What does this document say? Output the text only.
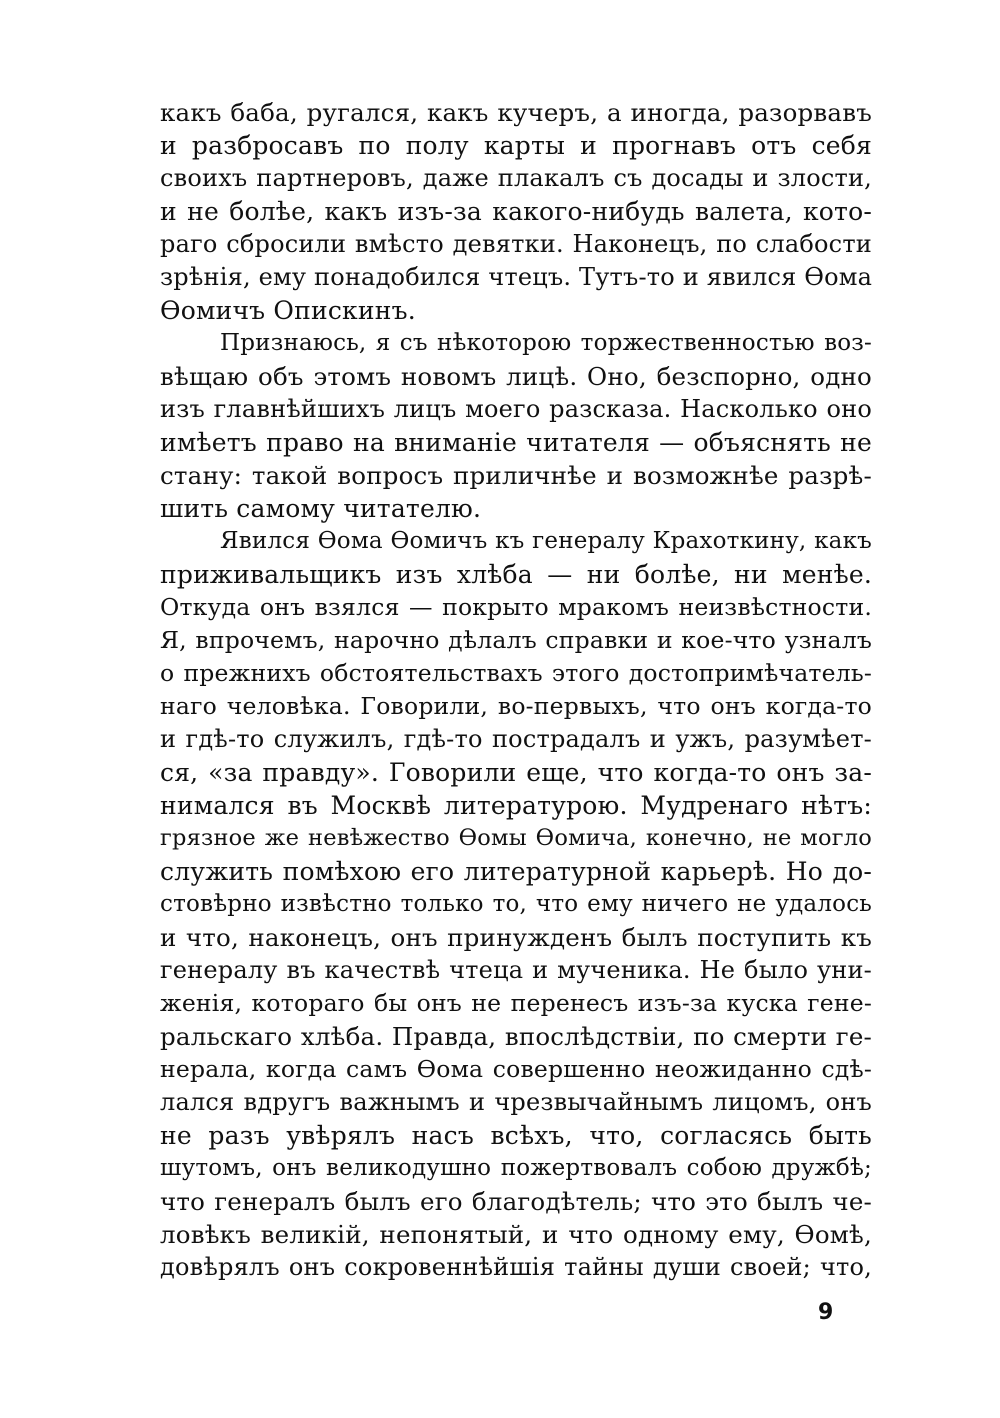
какъ баба, ругался, какъ кучеръ, а иногда, разорвавъ
и разбросавъ по полу карты и прогнавъ отъ себя
своихъ партнеровъ, даже плакалъ съ досады и злости,
и не болѣе, какъ изъ-за какого-нибудь валета, кото-
раго сбросили вмѣсто девятки. Наконецъ, по слабости
зрѣнія, ему понадобился чтецъ. Тутъ-то и явился Ѳома
Ѳомичъ Опискинъ.
Признаюсь, я съ нѣкоторою торжественностью воз-
вѣщаю объ этомъ новомъ лицѣ. Оно, безспорно, одно
изъ главнѣйшихъ лицъ моего разсказа. Насколько оно
имѣетъ право на вниманіе читателя — объяснять не
стану: такой вопросъ приличнѣе и возможнѣе разрѣ-
шить самому читателю.
Явился Ѳома Ѳомичъ къ генералу Крахоткину, какъ
приживальщикъ изъ хлѣба — ни болѣе, ни менѣе.
Откуда онъ взялся — покрыто мракомъ неизвѣстности.
Я, впрочемъ, нарочно дѣлалъ справки и кое-что узналъ
о прежнихъ обстоятельствахъ этого достопримѣчатель-
наго человѣка. Говорили, во-первыхъ, что онъ когда-то
и гдѣ-то служилъ, гдѣ-то пострадалъ и ужъ, разумѣет-
ся, «за правду». Говорили еще, что когда-то онъ за-
нимался въ Москвѣ литературою. Мудренаго нѣтъ:
грязное же невѣжество Ѳомы Ѳомича, конечно, не могло
служить помѣхою его литературной карьерѣ. Но до-
стовѣрно извѣстно только то, что ему ничего не удалось
и что, наконецъ, онъ принужденъ былъ поступить къ
генералу въ качествѣ чтеца и мученика. Не было уни-
женія, котораго бы онъ не перенесъ изъ-за куска гене-
ральскаго хлѣба. Правда, впослѣдствіи, по смерти ге-
нерала, когда самъ Ѳома совершенно неожиданно сдѣ-
лался вдругъ важнымъ и чрезвычайнымъ лицомъ, онъ
не разъ увѣрялъ насъ всѣхъ, что, согласясь быть
шутомъ, онъ великодушно пожертвовалъ собою дружбѣ;
что генералъ былъ его благодѣтель; что это былъ че-
ловѣкъ великій, непонятый, и что одному ему, Ѳомѣ,
довѣрялъ онъ сокровеннѣйшія тайны души своей; что,
9
